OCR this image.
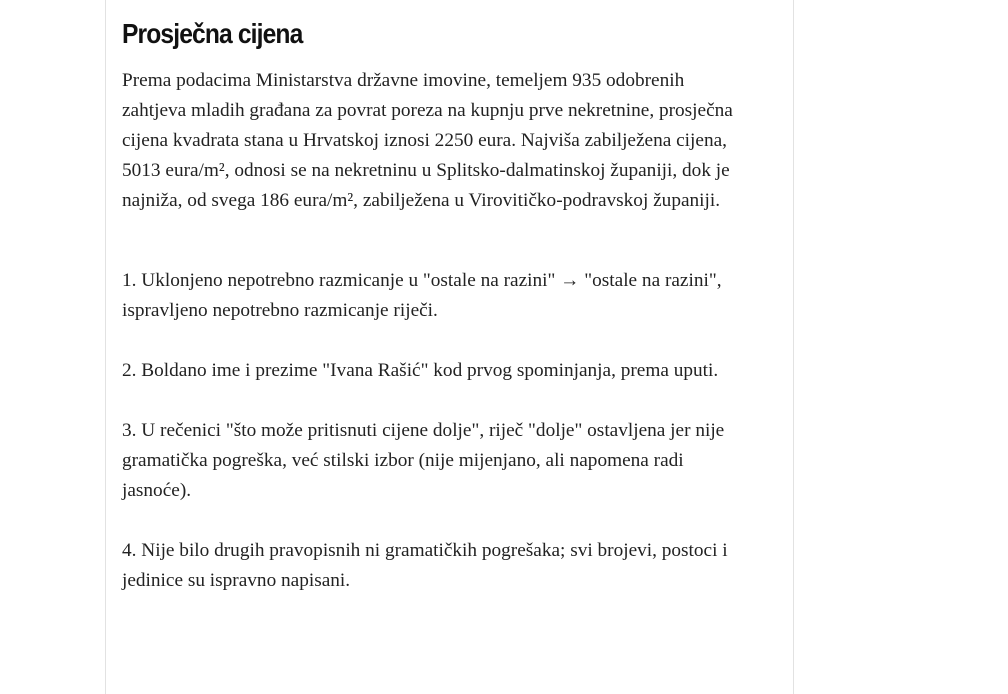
Prosječna cijena

Prema podacima Ministarstva državne imovine, temeljem 935 odobrenih zahtjeva mladih građana za povrat poreza na kupnju prve nekretnine, prosječna cijena kvadrata stana u Hrvatskoj iznosi 2250 eura. Najviša zabilježena cijena, 5013 eura/m², odnosi se na nekretninu u Splitsko-dalmatinskoj županiji, dok je najniža, od svega 186 eura/m², zabilježena u Virovitičko-podravskoj županiji.

1. Uklonjeno nepotrebno razmicanje u "ostale na razini" → "ostale na razini", ispravljeno nepotrebno razmicanje riječi.

2. Boldano ime i prezime "Ivana Rašić" kod prvog spominjanja, prema uputi.

3. U rečenici "što može pritisnuti cijene dolje", riječ "dolje" ostavljena jer nije gramatička pogreška, već stilski izbor (nije mijenjano, ali napomena radi jasnoće).

4. Nije bilo drugih pravopisnih ni gramatičkih pogrešaka; svi brojevi, postoci i jedinice su ispravno napisani.
